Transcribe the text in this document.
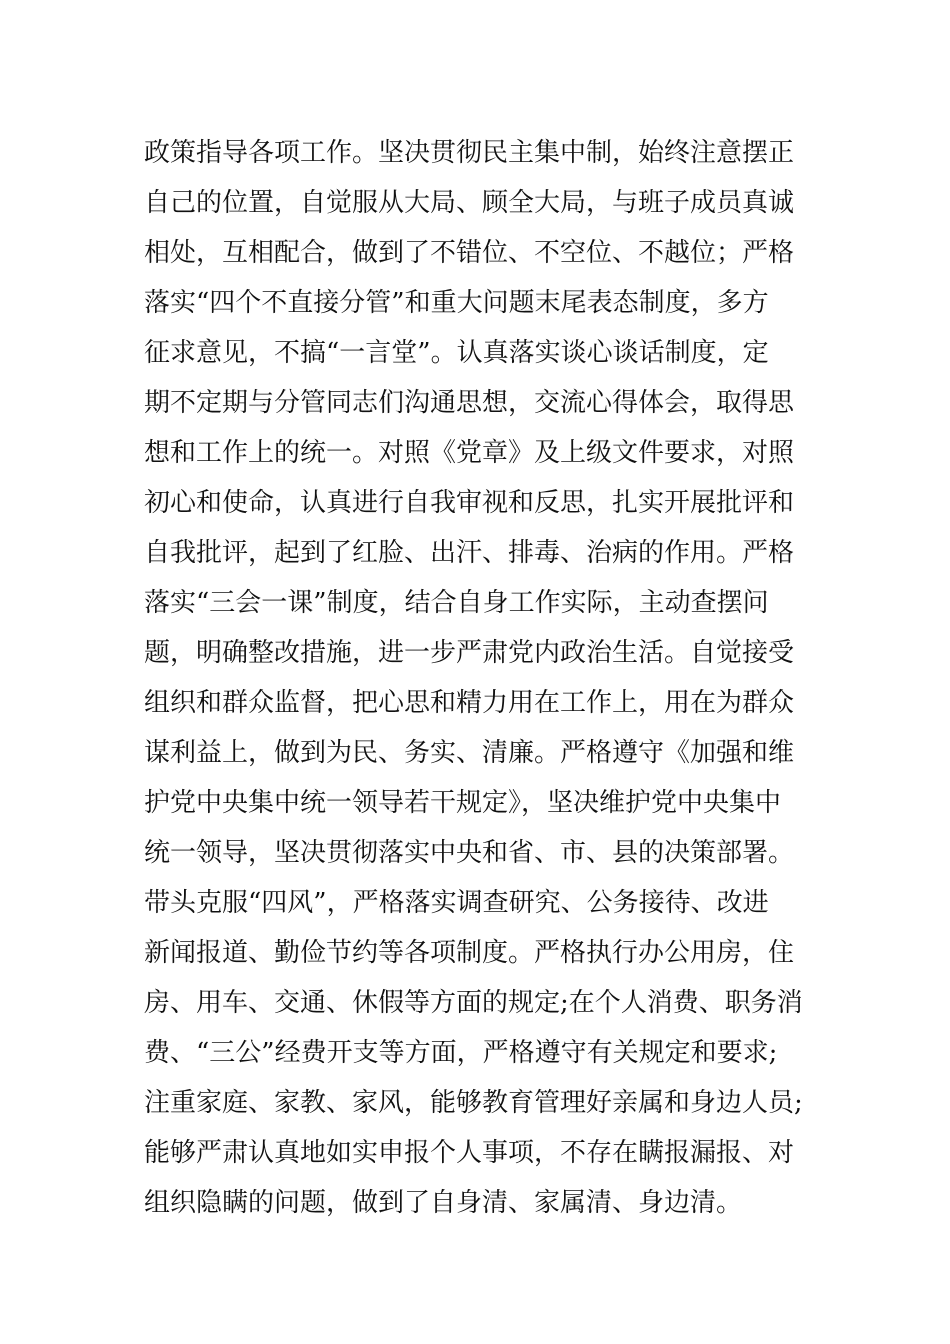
政策指导各项工作。坚决贯彻民主集中制，始终注意摆正
自己的位置，自觉服从大局、顾全大局，与班子成员真诚
相处，互相配合，做到了不错位、不空位、不越位；严格
落实“四个不直接分管”和重大问题末尾表态制度，多方
征求意见，不搞“一言堂”。认真落实谈心谈话制度，定
期不定期与分管同志们沟通思想，交流心得体会，取得思
想和工作上的统一。对照《党章》及上级文件要求，对照
初心和使命，认真进行自我审视和反思，扎实开展批评和
自我批评，起到了红脸、出汗、排毒、治病的作用。严格
落实“三会一课”制度，结合自身工作实际，主动查摆问
题，明确整改措施，进一步严肃党内政治生活。自觉接受
组织和群众监督，把心思和精力用在工作上，用在为群众
谋利益上，做到为民、务实、清廉。严格遵守《加强和维
护党中央集中统一领导若干规定》，坚决维护党中央集中
统一领导，坚决贯彻落实中央和省、市、县的决策部署。
带头克服“四风”，严格落实调查研究、公务接待、改进
新闻报道、勤俭节约等各项制度。严格执行办公用房，住
房、用车、交通、休假等方面的规定;在个人消费、职务消
费、“三公”经费开支等方面，严格遵守有关规定和要求;
注重家庭、家教、家风，能够教育管理好亲属和身边人员;
能够严肃认真地如实申报个人事项，不存在瞒报漏报、对
组织隐瞒的问题，做到了自身清、家属清、身边清。
